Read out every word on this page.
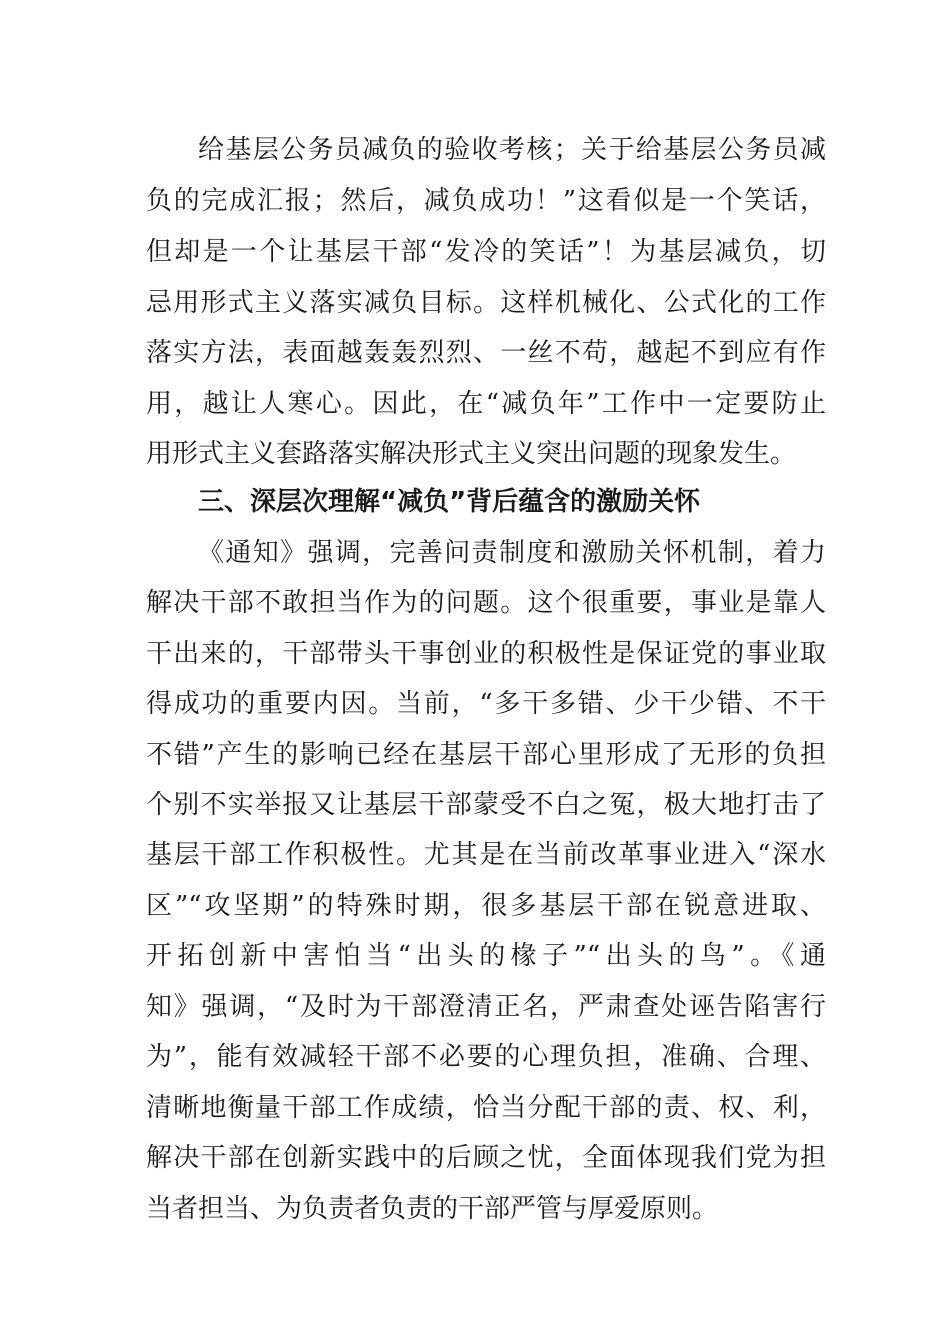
给基层公务员减负的验收考核；关于给基层公务员减
负的完成汇报；然后，减负成功！”这看似是一个笑话，
但却是一个让基层干部“发冷的笑话”！为基层减负，切
忌用形式主义落实减负目标。这样机械化、公式化的工作
落实方法，表面越轰轰烈烈、一丝不苟，越起不到应有作
用，越让人寒心。因此，在“减负年”工作中一定要防止
用形式主义套路落实解决形式主义突出问题的现象发生。
三、深层次理解“减负”背后蕴含的激励关怀
《通知》强调，完善问责制度和激励关怀机制，着力
解决干部不敢担当作为的问题。这个很重要，事业是靠人
干出来的，干部带头干事创业的积极性是保证党的事业取
得成功的重要内因。当前，“多干多错、少干少错、不干
不错”产生的影响已经在基层干部心里形成了无形的负担
个别不实举报又让基层干部蒙受不白之冤，极大地打击了
基层干部工作积极性。尤其是在当前改革事业进入“深水
区”“攻坚期”的特殊时期，很多基层干部在锐意进取、
开拓创新中害怕当“出头的椽子”“出头的鸟”。《通
知》强调，“及时为干部澄清正名，严肃查处诬告陷害行
为”，能有效减轻干部不必要的心理负担，准确、合理、
清晰地衡量干部工作成绩，恰当分配干部的责、权、利，
解决干部在创新实践中的后顾之忧，全面体现我们党为担
当者担当、为负责者负责的干部严管与厚爱原则。
